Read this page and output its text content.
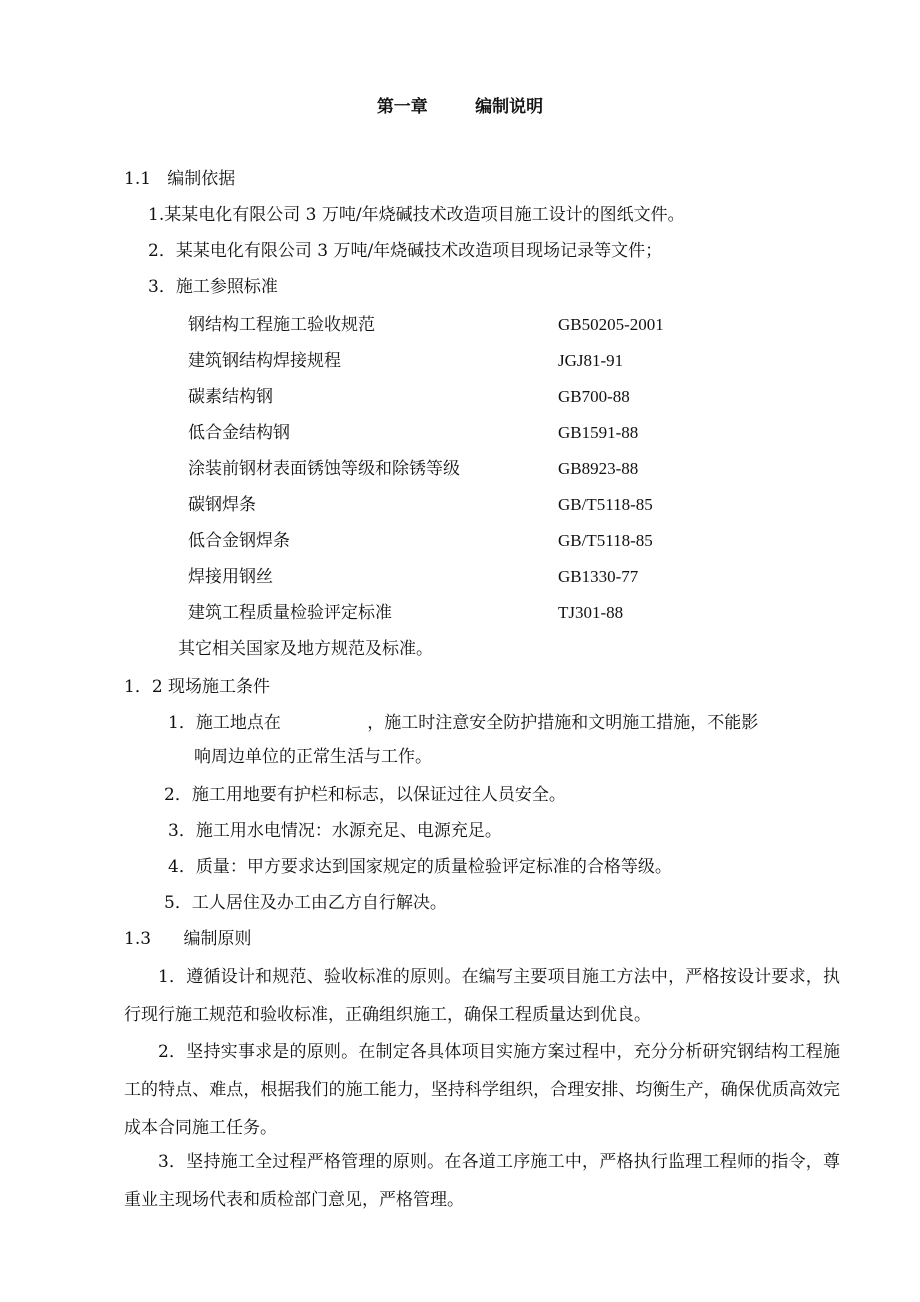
第一章        编制说明
1.1   编制依据
1.某某电化有限公司 3 万吨/年烧碱技术改造项目施工设计的图纸文件。
2．某某电化有限公司 3 万吨/年烧碱技术改造项目现场记录等文件；
3．施工参照标准
钢结构工程施工验收规范	GB50205-2001
建筑钢结构焊接规程	JGJ81-91
碳素结构钢	GB700-88
低合金结构钢	GB1591-88
涂装前钢材表面锈蚀等级和除锈等级	GB8923-88
碳钢焊条	GB/T5118-85
低合金钢焊条	GB/T5118-85
焊接用钢丝	GB1330-77
建筑工程质量检验评定标准	TJ301-88
其它相关国家及地方规范及标准。
1．2 现场施工条件
1．施工地点在                ，施工时注意安全防护措施和文明施工措施，不能影
响周边单位的正常生活与工作。
2．施工用地要有护栏和标志，以保证过往人员安全。
3．施工用水电情况：水源充足、电源充足。
4．质量：甲方要求达到国家规定的质量检验评定标准的合格等级。
5．工人居住及办工由乙方自行解决。
1.3      编制原则
1．遵循设计和规范、验收标准的原则。在编写主要项目施工方法中，严格按设计要求，执行现行施工规范和验收标准，正确组织施工，确保工程质量达到优良。
2．坚持实事求是的原则。在制定各具体项目实施方案过程中，充分分析研究钢结构工程施工的特点、难点，根据我们的施工能力，坚持科学组织，合理安排、均衡生产，确保优质高效完成本合同施工任务。
3．坚持施工全过程严格管理的原则。在各道工序施工中，严格执行监理工程师的指令，尊重业主现场代表和质检部门意见，严格管理。
